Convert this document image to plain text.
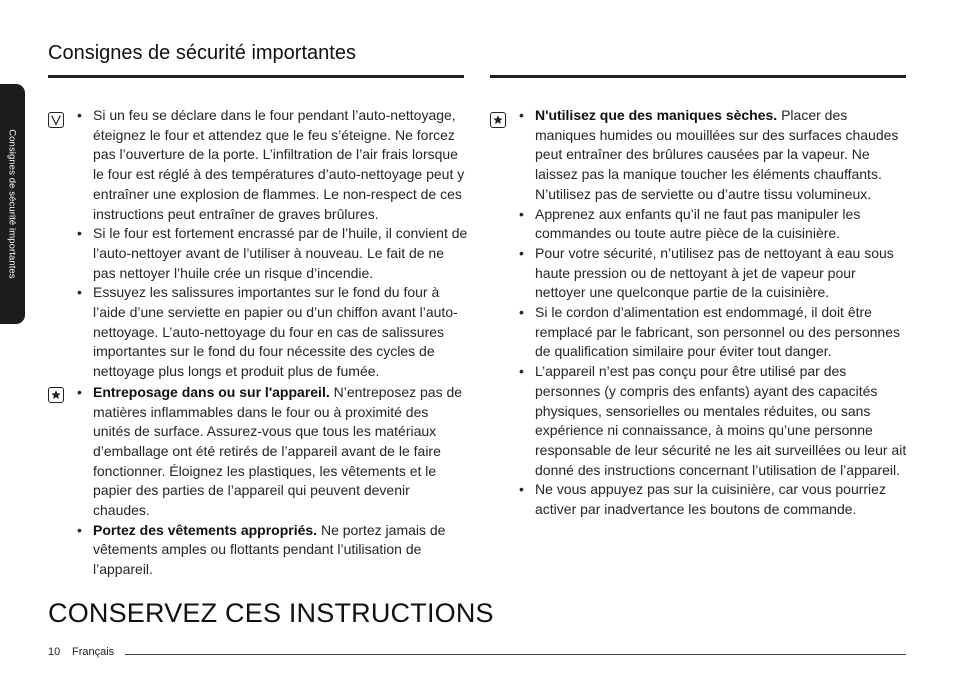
Consignes de sécurité importantes
Consignes de sécurité importantes
• Si un feu se déclare dans le four pendant l’auto-nettoyage, éteignez le four et attendez que le feu s’éteigne. Ne forcez pas l’ouverture de la porte. L’infiltration de l’air frais lorsque le four est réglé à des températures d’auto-nettoyage peut y entraîner une explosion de flammes. Le non-respect de ces instructions peut entraîner de graves brûlures.
• Si le four est fortement encrassé par de l’huile, il convient de l’auto-nettoyer avant de l’utiliser à nouveau. Le fait de ne pas nettoyer l’huile crée un risque d’incendie.
• Essuyez les salissures importantes sur le fond du four à l’aide d’une serviette en papier ou d’un chiffon avant l’auto-nettoyage. L’auto-nettoyage du four en cas de salissures importantes sur le fond du four nécessite des cycles de nettoyage plus longs et produit plus de fumée.
• Entreposage dans ou sur l'appareil. N’entreposez pas de matières inflammables dans le four ou à proximité des unités de surface. Assurez-vous que tous les matériaux d’emballage ont été retirés de l’appareil avant de le faire fonctionner. Éloignez les plastiques, les vêtements et le papier des parties de l’appareil qui peuvent devenir chaudes.
• Portez des vêtements appropriés. Ne portez jamais de vêtements amples ou flottants pendant l’utilisation de l’appareil.
• N'utilisez que des maniques sèches. Placer des maniques humides ou mouillées sur des surfaces chaudes peut entraîner des brûlures causées par la vapeur. Ne laissez pas la manique toucher les éléments chauffants. N’utilisez pas de serviette ou d’autre tissu volumineux.
• Apprenez aux enfants qu’il ne faut pas manipuler les commandes ou toute autre pièce de la cuisinière.
• Pour votre sécurité, n’utilisez pas de nettoyant à eau sous haute pression ou de nettoyant à jet de vapeur pour nettoyer une quelconque partie de la cuisinière.
• Si le cordon d’alimentation est endommagé, il doit être remplacé par le fabricant, son personnel ou des personnes de qualification similaire pour éviter tout danger.
• L’appareil n’est pas conçu pour être utilisé par des personnes (y compris des enfants) ayant des capacités physiques, sensorielles ou mentales réduites, ou sans expérience ni connaissance, à moins qu’une personne responsable de leur sécurité ne les ait surveillées ou leur ait donné des instructions concernant l’utilisation de l’appareil.
• Ne vous appuyez pas sur la cuisinière, car vous pourriez activer par inadvertance les boutons de commande.
CONSERVEZ CES INSTRUCTIONS
10 Français
